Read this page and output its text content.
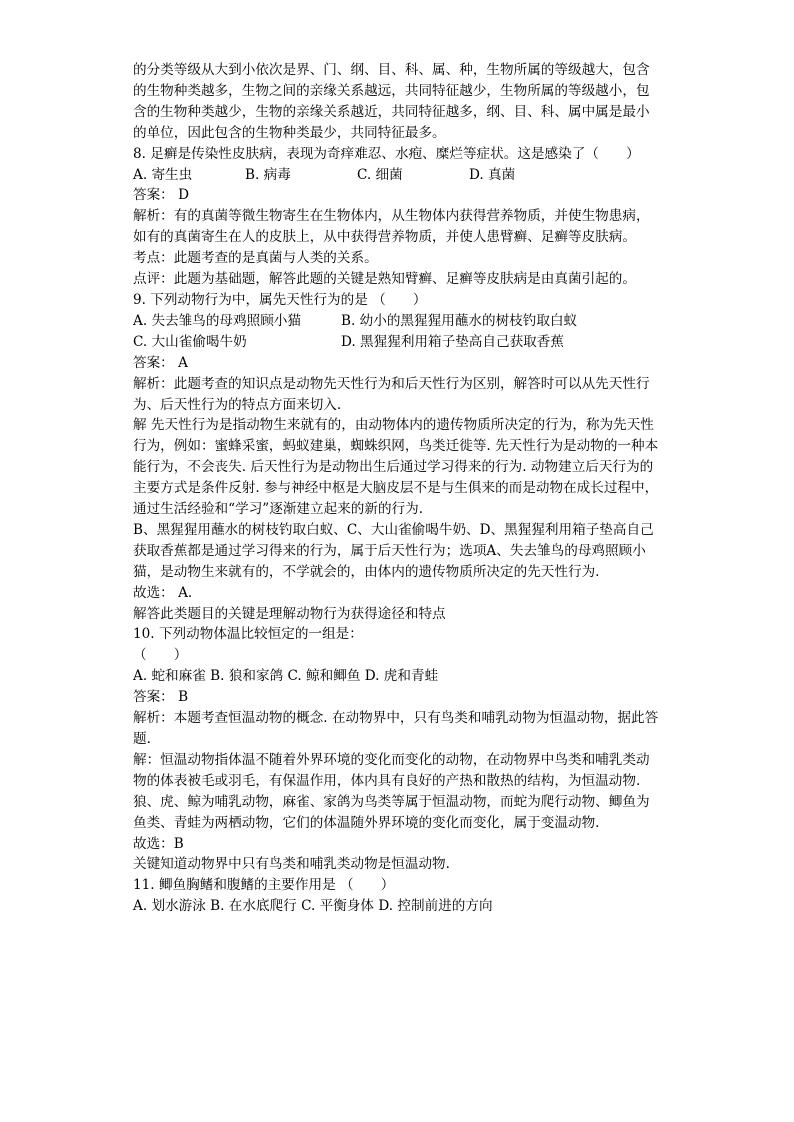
的分类等级从大到小依次是界、门、纲、目、科、属、种，生物所属的等级越大，包含的生物种类越多，生物之间的亲缘关系越远，共同特征越少，生物所属的等级越小，包含的生物种类越少，生物的亲缘关系越近，共同特征越多，纲、目、科、属中属是最小的单位，因此包含的生物种类最少，共同特征最多。

8. 足癣是传染性皮肤病，表现为奇痒难忍、水疱、糜烂等症状。这是感染了（　　）

A. 寄生虫	B. 病毒	C. 细菌	D. 真菌

答案： D

解析：有的真菌等微生物寄生在生物体内，从生物体内获得营养物质，并使生物患病，如有的真菌寄生在人的皮肤上，从中获得营养物质，并使人患臂癣、足癣等皮肤病。

考点：此题考查的是真菌与人类的关系。

点评：此题为基础题，解答此题的关键是熟知臂癣、足癣等皮肤病是由真菌引起的。

9. 下列动物行为中，属先天性行为的是 （　　）

A. 失去雏鸟的母鸡照顾小猫	B. 幼小的黑猩猩用蘸水的树枝钓取白蚁

C. 大山雀偷喝牛奶	D. 黑猩猩利用箱子垫高自己获取香蕉

答案： A

解析：此题考查的知识点是动物先天性行为和后天性行为区别，解答时可以从先天性行为、后天性行为的特点方面来切入.

解 先天性行为是指动物生来就有的，由动物体内的遗传物质所决定的行为，称为先天性行为，例如：蜜蜂采蜜，蚂蚁建巢，蜘蛛织网，鸟类迁徙等. 先天性行为是动物的一种本能行为，不会丧失. 后天性行为是动物出生后通过学习得来的行为. 动物建立后天行为的主要方式是条件反射. 参与神经中枢是大脑皮层不是与生俱来的而是动物在成长过程中，通过生活经验和“学习”逐渐建立起来的新的行为.

B、黑猩猩用蘸水的树枝钓取白蚁、C、大山雀偷喝牛奶、D、黑猩猩利用箱子垫高自己获取香蕉都是通过学习得来的行为，属于后天性行为；选项A、失去雏鸟的母鸡照顾小猫，是动物生来就有的，不学就会的，由体内的遗传物质所决定的先天性行为.

故选： A.

解答此类题目的关键是理解动物行为获得途径和特点

10. 下列动物体温比较恒定的一组是：

（　　）

A. 蛇和麻雀 B. 狼和家鸽 C. 鲸和鲫鱼 D. 虎和青蛙

答案： B

解析：本题考查恒温动物的概念. 在动物界中，只有鸟类和哺乳动物为恒温动物，据此答题.

解：恒温动物指体温不随着外界环境的变化而变化的动物，在动物界中鸟类和哺乳类动物的体表被毛或羽毛，有保温作用，体内具有良好的产热和散热的结构，为恒温动物. 狼、虎、鲸为哺乳动物，麻雀、家鸽为鸟类等属于恒温动物，而蛇为爬行动物、鲫鱼为鱼类、青蛙为两栖动物，它们的体温随外界环境的变化而变化，属于变温动物.

故选：B

关键知道动物界中只有鸟类和哺乳类动物是恒温动物.

11. 鲫鱼胸鳍和腹鳍的主要作用是 （　　）

A. 划水游泳 B. 在水底爬行 C. 平衡身体 D. 控制前进的方向
